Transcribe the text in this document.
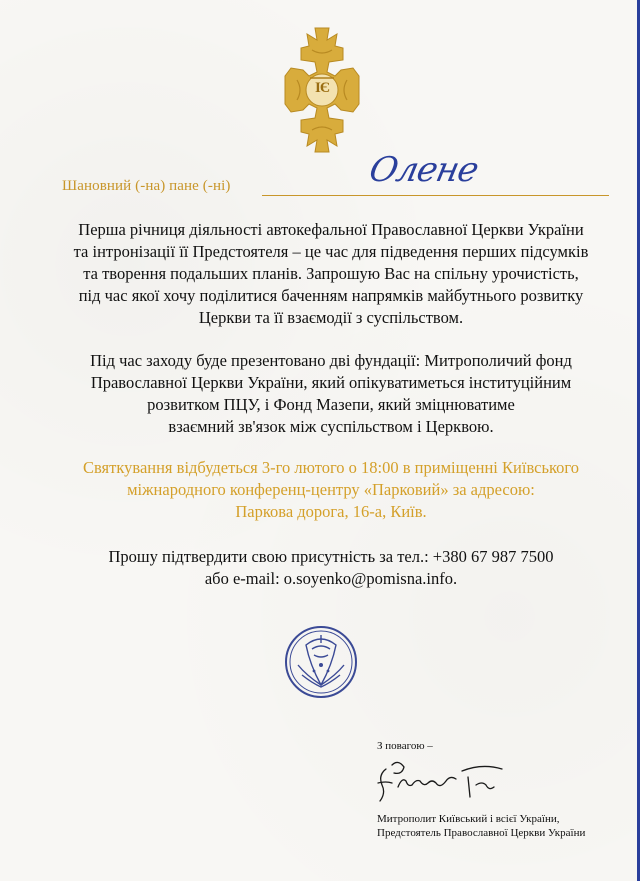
ІЄ
Шановний (-на) пане (-ні)	Олене
Перша річниця діяльності автокефальної Православної Церкви України
та інтронізації її Предстоятеля – це час для підведення перших підсумків
та творення подальших планів. Запрошую Вас на спільну урочистість,
під час якої хочу поділитися баченням напрямків майбутнього розвитку
Церкви та її взаємодії з суспільством.
Під час заходу буде презентовано дві фундації: Митрополичий фонд
Православної Церкви України, який опікуватиметься інституційним
розвитком ПЦУ, і Фонд Мазепи, який зміцнюватиме
взаємний зв'язок між суспільством і Церквою.
Святкування відбудеться 3-го лютого о 18:00 в приміщенні Київського
міжнародного конференц-центру «Парковий» за адресою:
Паркова дорога, 16-а, Київ.
Прошу підтвердити свою присутність за тел.: +380 67 987 7500
або e-mail: o.soyenko@pomisna.info.
З повагою –
Митрополит Київський і всієї України,
Предстоятель Православної Церкви України
